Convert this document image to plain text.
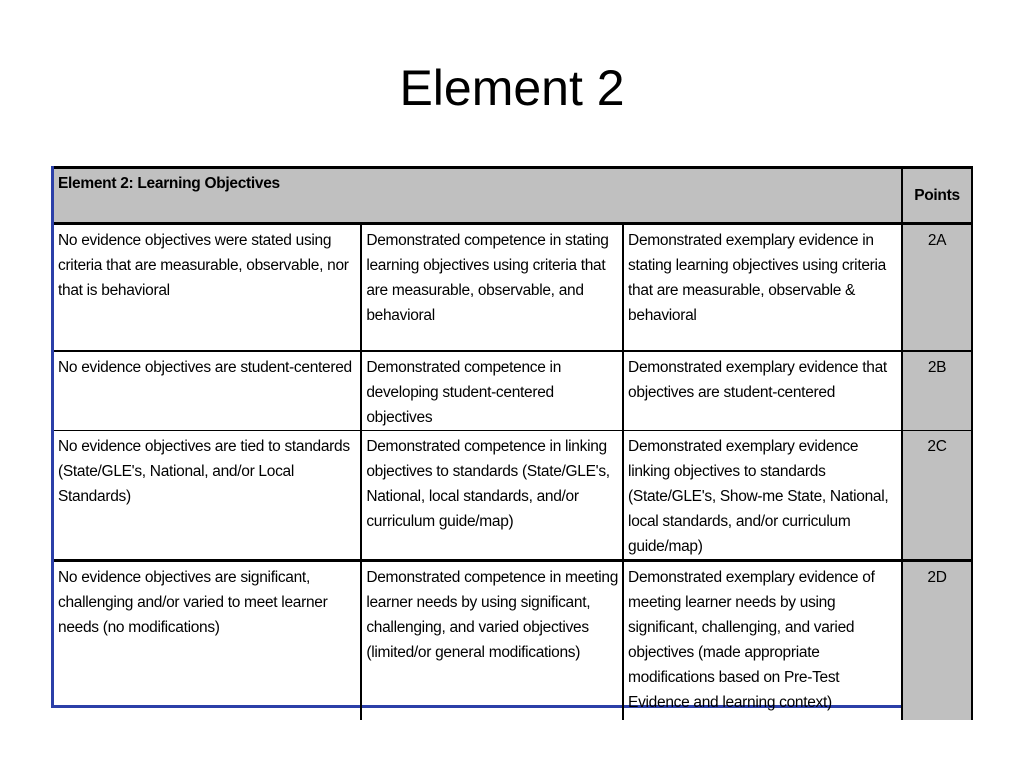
Element 2
Element 2: Learning Objectives			Points
No evidence objectives were stated using criteria that are measurable, observable, nor that is behavioral	Demonstrated competence in stating learning objectives using criteria that are measurable, observable, and behavioral	Demonstrated exemplary evidence in stating learning objectives using criteria that are measurable, observable & behavioral	2A
No evidence objectives are student-centered	Demonstrated competence in developing student-centered objectives	Demonstrated exemplary evidence that objectives are student-centered	2B
No evidence objectives are tied to standards (State/GLE's, National, and/or Local Standards)	Demonstrated competence in linking objectives to standards (State/GLE's, National, local standards, and/or curriculum guide/map)	Demonstrated exemplary evidence linking objectives to standards (State/GLE's, Show-me State, National, local standards, and/or curriculum guide/map)	2C
No evidence objectives are significant, challenging and/or varied to meet learner needs (no modifications)	Demonstrated competence in meeting learner needs by using significant, challenging, and varied objectives (limited/or general modifications)	Demonstrated exemplary evidence of meeting learner needs by using significant, challenging, and varied objectives (made appropriate modifications based on Pre-Test Evidence and learning context)	2D
